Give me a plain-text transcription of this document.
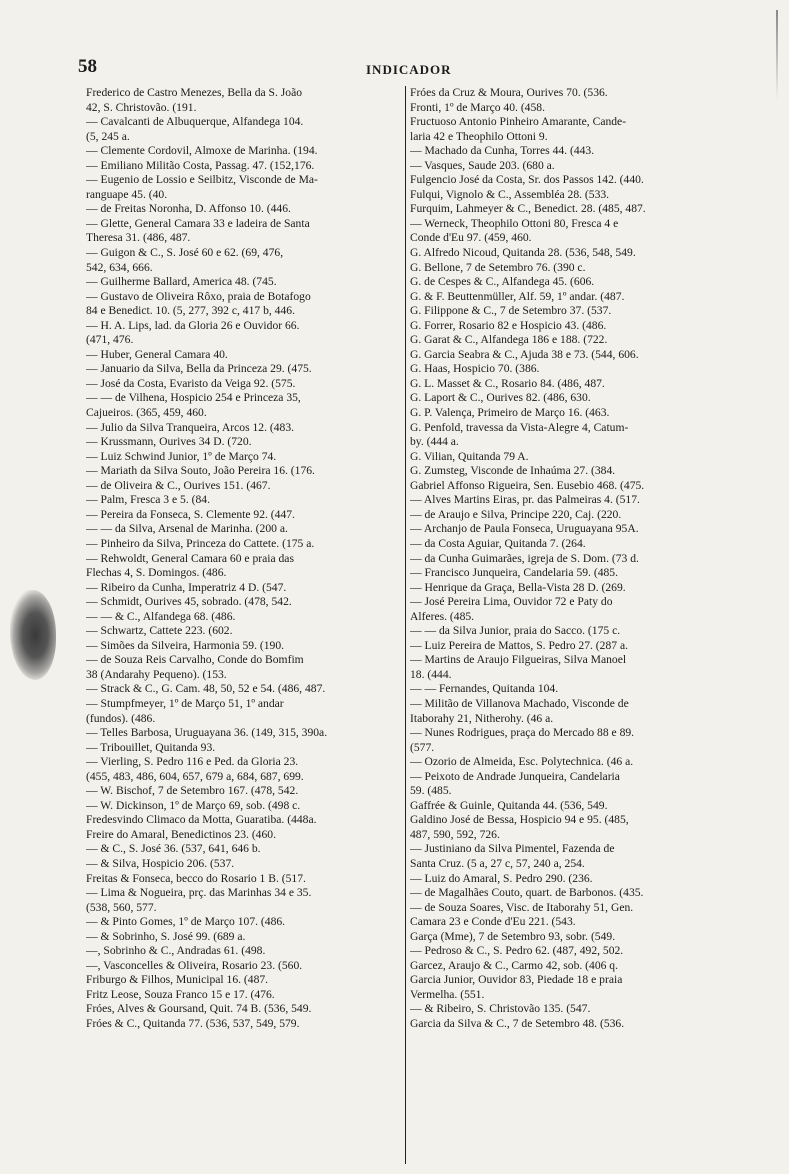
58	INDICADOR
Frederico de Castro Menezes, Bella da S. João
42, S. Christovão. (191.
— Cavalcanti de Albuquerque, Alfandega 104.
(5, 245 a.
— Clemente Cordovil, Almoxe de Marinha. (194.
— Emiliano Militão Costa, Passag. 47. (152,176.
— Eugenio de Lossio e Seilbitz, Visconde de Ma-
ranguape 45. (40.
— de Freitas Noronha, D. Affonso 10. (446.
— Glette, General Camara 33 e ladeira de Santa
Theresa 31. (486, 487.
— Guigon & C., S. José 60 e 62. (69, 476,
542, 634, 666.
— Guilherme Ballard, America 48. (745.
— Gustavo de Oliveira Rôxo, praia de Botafogo
84 e Benedict. 10. (5, 277, 392 c, 417 b, 446.
— H. A. Lips, lad. da Gloria 26 e Ouvidor 66.
(471, 476.
— Huber, General Camara 40.
— Januario da Silva, Bella da Princeza 29. (475.
— José da Costa, Evaristo da Veiga 92. (575.
— — de Vilhena, Hospicio 254 e Princeza 35,
Cajueiros. (365, 459, 460.
— Julio da Silva Tranqueira, Arcos 12. (483.
— Krussmann, Ourives 34 D. (720.
— Luiz Schwind Junior, 1º de Março 74.
— Mariath da Silva Souto, João Pereira 16. (176.
— de Oliveira & C., Ourives 151. (467.
— Palm, Fresca 3 e 5. (84.
— Pereira da Fonseca, S. Clemente 92. (447.
— — da Silva, Arsenal de Marinha. (200 a.
— Pinheiro da Silva, Princeza do Cattete. (175 a.
— Rehwoldt, General Camara 60 e praia das
Flechas 4, S. Domingos. (486.
— Ribeiro da Cunha, Imperatriz 4 D. (547.
— Schmidt, Ourives 45, sobrado. (478, 542.
— — & C., Alfandega 68. (486.
— Schwartz, Cattete 223. (602.
— Simões da Silveira, Harmonia 59. (190.
— de Souza Reis Carvalho, Conde do Bomfim
38 (Andarahy Pequeno). (153.
— Strack & C., G. Cam. 48, 50, 52 e 54. (486, 487.
— Stumpfmeyer, 1º de Março 51, 1º andar
(fundos). (486.
— Telles Barbosa, Uruguayana 36. (149, 315, 390a.
— Tribouillet, Quitanda 93.
— Vierling, S. Pedro 116 e Ped. da Gloria 23.
(455, 483, 486, 604, 657, 679 a, 684, 687, 699.
— W. Bischof, 7 de Setembro 167. (478, 542.
— W. Dickinson, 1º de Março 69, sob. (498 c.
Fredesvindo Climaco da Motta, Guaratiba. (448a.
Freire do Amaral, Benedictinos 23. (460.
— & C., S. José 36. (537, 641, 646 b.
— & Silva, Hospicio 206. (537.
Freitas & Fonseca, becco do Rosario 1 B. (517.
— Lima & Nogueira, prç. das Marinhas 34 e 35.
(538, 560, 577.
— & Pinto Gomes, 1º de Março 107. (486.
— & Sobrinho, S. José 99. (689 a.
—, Sobrinho & C., Andradas 61. (498.
—, Vasconcelles & Oliveira, Rosario 23. (560.
Friburgo & Filhos, Municipal 16. (487.
Fritz Leose, Souza Franco 15 e 17. (476.
Fróes, Alves & Goursand, Quit. 74 B. (536, 549.
Fróes & C., Quitanda 77. (536, 537, 549, 579.
Fróes da Cruz & Moura, Ourives 70. (536.
Fronti, 1º de Março 40. (458.
Fructuoso Antonio Pinheiro Amarante, Cande-
laria 42 e Theophilo Ottoni 9.
— Machado da Cunha, Torres 44. (443.
— Vasques, Saude 203. (680 a.
Fulgencio José da Costa, Sr. dos Passos 142. (440.
Fulqui, Vignolo & C., Assembléa 28. (533.
Furquim, Lahmeyer & C., Benedict. 28. (485, 487.
— Werneck, Theophilo Ottoni 80, Fresca 4 e
Conde d'Eu 97. (459, 460.
G. Alfredo Nicoud, Quitanda 28. (536, 548, 549.
G. Bellone, 7 de Setembro 76. (390 c.
G. de Cespes & C., Alfandega 45. (606.
G. & F. Beuttenmüller, Alf. 59, 1º andar. (487.
G. Filippone & C., 7 de Setembro 37. (537.
G. Forrer, Rosario 82 e Hospicio 43. (486.
G. Garat & C., Alfandega 186 e 188. (722.
G. Garcia Seabra & C., Ajuda 38 e 73. (544, 606.
G. Haas, Hospicio 70. (386.
G. L. Masset & C., Rosario 84. (486, 487.
G. Laport & C., Ourives 82. (486, 630.
G. P. Valença, Primeiro de Março 16. (463.
G. Penfold, travessa da Vista-Alegre 4, Catum-
by. (444 a.
G. Vilian, Quitanda 79 A.
G. Zumsteg, Visconde de Inhaúma 27. (384.
Gabriel Affonso Rigueira, Sen. Eusebio 468. (475.
— Alves Martins Eiras, pr. das Palmeiras 4. (517.
— de Araujo e Silva, Principe 220, Caj. (220.
— Archanjo de Paula Fonseca, Uruguayana 95A.
— da Costa Aguiar, Quitanda 7. (264.
— da Cunha Guimarães, igreja de S. Dom. (73 d.
— Francisco Junqueira, Candelaria 59. (485.
— Henrique da Graça, Bella-Vista 28 D. (269.
— José Pereira Lima, Ouvidor 72 e Paty do
Alferes. (485.
— — da Silva Junior, praia do Sacco. (175 c.
— Luiz Pereira de Mattos, S. Pedro 27. (287 a.
— Martins de Araujo Filgueiras, Silva Manoel
18. (444.
— — Fernandes, Quitanda 104.
— Militão de Villanova Machado, Visconde de
Itaborahy 21, Nitherohy. (46 a.
— Nunes Rodrigues, praça do Mercado 88 e 89.
(577.
— Ozorio de Almeida, Esc. Polytechnica. (46 a.
— Peixoto de Andrade Junqueira, Candelaria
59. (485.
Gaffrée & Guinle, Quitanda 44. (536, 549.
Galdino José de Bessa, Hospicio 94 e 95. (485,
487, 590, 592, 726.
— Justiniano da Silva Pimentel, Fazenda de
Santa Cruz. (5 a, 27 c, 57, 240 a, 254.
— Luiz do Amaral, S. Pedro 290. (236.
— de Magalhães Couto, quart. de Barbonos. (435.
— de Souza Soares, Visc. de Itaborahy 51, Gen.
Camara 23 e Conde d'Eu 221. (543.
Garça (Mme), 7 de Setembro 93, sobr. (549.
— Pedroso & C., S. Pedro 62. (487, 492, 502.
Garcez, Araujo & C., Carmo 42, sob. (406 q.
Garcia Junior, Ouvidor 83, Piedade 18 e praia
Vermelha. (551.
— & Ribeiro, S. Christovão 135. (547.
Garcia da Silva & C., 7 de Setembro 48. (536.
